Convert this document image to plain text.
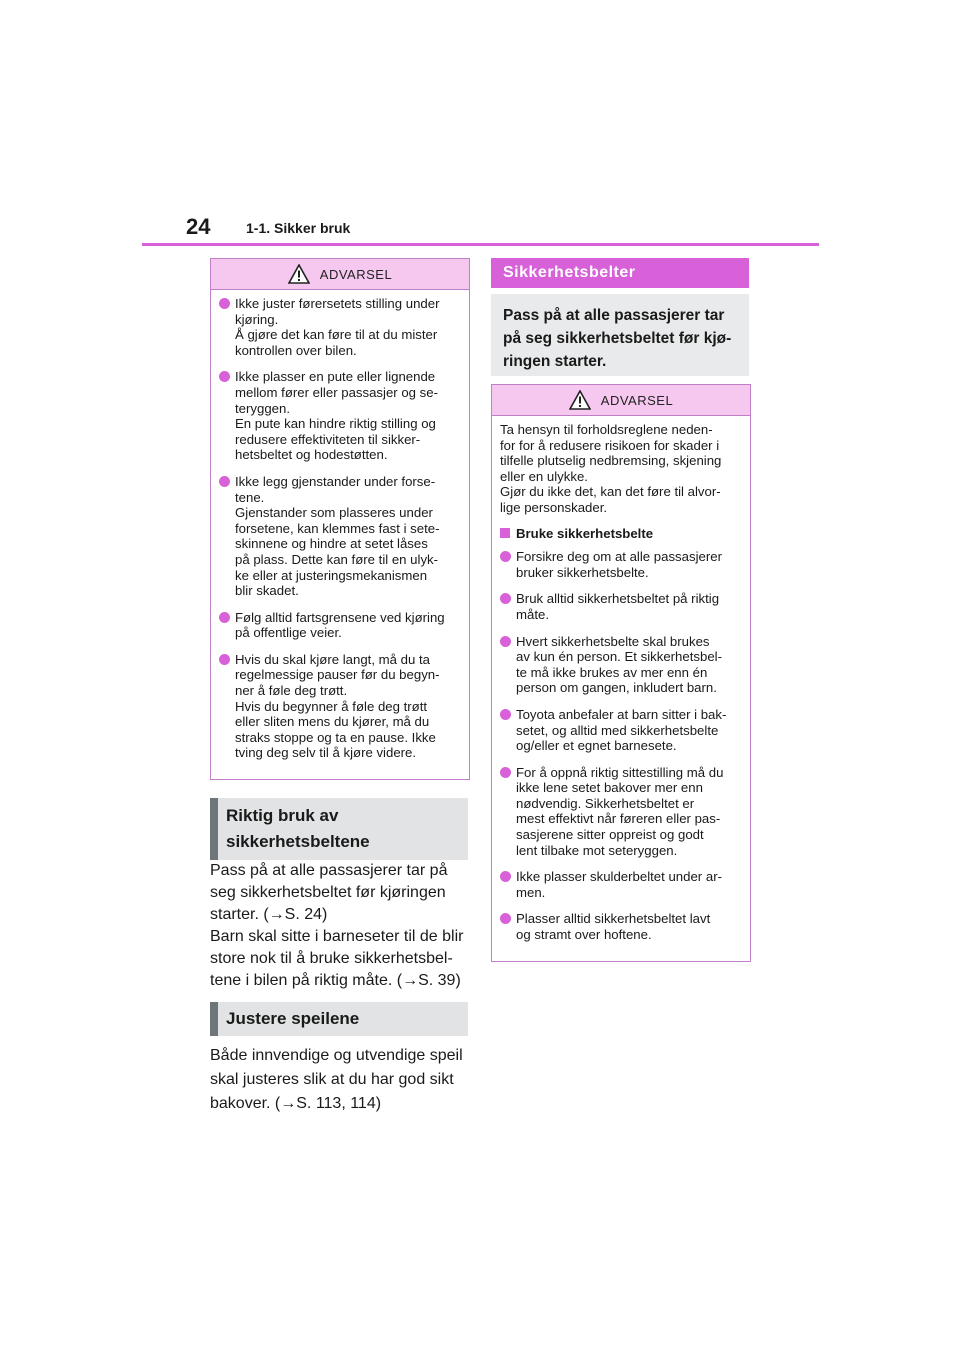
24	1-1. Sikker bruk
ADVARSEL
Ikke juster førersetets stilling under
kjøring.
Å gjøre det kan føre til at du mister
kontrollen over bilen.
Ikke plasser en pute eller lignende
mellom fører eller passasjer og se-
teryggen.
En pute kan hindre riktig stilling og
redusere effektiviteten til sikker-
hetsbeltet og hodestøtten.
Ikke legg gjenstander under forse-
tene.
Gjenstander som plasseres under
forsetene, kan klemmes fast i sete-
skinnene og hindre at setet låses
på plass. Dette kan føre til en ulyk-
ke eller at justeringsmekanismen
blir skadet.
Følg alltid fartsgrensene ved kjøring
på offentlige veier.
Hvis du skal kjøre langt, må du ta
regelmessige pauser før du begyn-
ner å føle deg trøtt.
Hvis du begynner å føle deg trøtt
eller sliten mens du kjører, må du
straks stoppe og ta en pause. Ikke
tving deg selv til å kjøre videre.
Riktig bruk av
sikkerhetsbeltene
Pass på at alle passasjerer tar på
seg sikkerhetsbeltet før kjøringen
starter. (→S. 24)
Barn skal sitte i barneseter til de blir
store nok til å bruke sikkerhetsbel-
tene i bilen på riktig måte. (→S. 39)
Justere speilene
Både innvendige og utvendige speil
skal justeres slik at du har god sikt
bakover. (→S. 113, 114)
Sikkerhetsbelter
Pass på at alle passasjerer tar
på seg sikkerhetsbeltet før kjø-
ringen starter.
ADVARSEL
Ta hensyn til forholdsreglene neden-
for for å redusere risikoen for skader i
tilfelle plutselig nedbremsing, skjening
eller en ulykke.
Gjør du ikke det, kan det føre til alvor-
lige personskader.
Bruke sikkerhetsbelte
Forsikre deg om at alle passasjerer
bruker sikkerhetsbelte.
Bruk alltid sikkerhetsbeltet på riktig
måte.
Hvert sikkerhetsbelte skal brukes
av kun én person. Et sikkerhetsbel-
te må ikke brukes av mer enn én
person om gangen, inkludert barn.
Toyota anbefaler at barn sitter i bak-
setet, og alltid med sikkerhetsbelte
og/eller et egnet barnesete.
For å oppnå riktig sittestilling må du
ikke lene setet bakover mer enn
nødvendig. Sikkerhetsbeltet er
mest effektivt når føreren eller pas-
sasjerene sitter oppreist og godt
lent tilbake mot seteryggen.
Ikke plasser skulderbeltet under ar-
men.
Plasser alltid sikkerhetsbeltet lavt
og stramt over hoftene.
